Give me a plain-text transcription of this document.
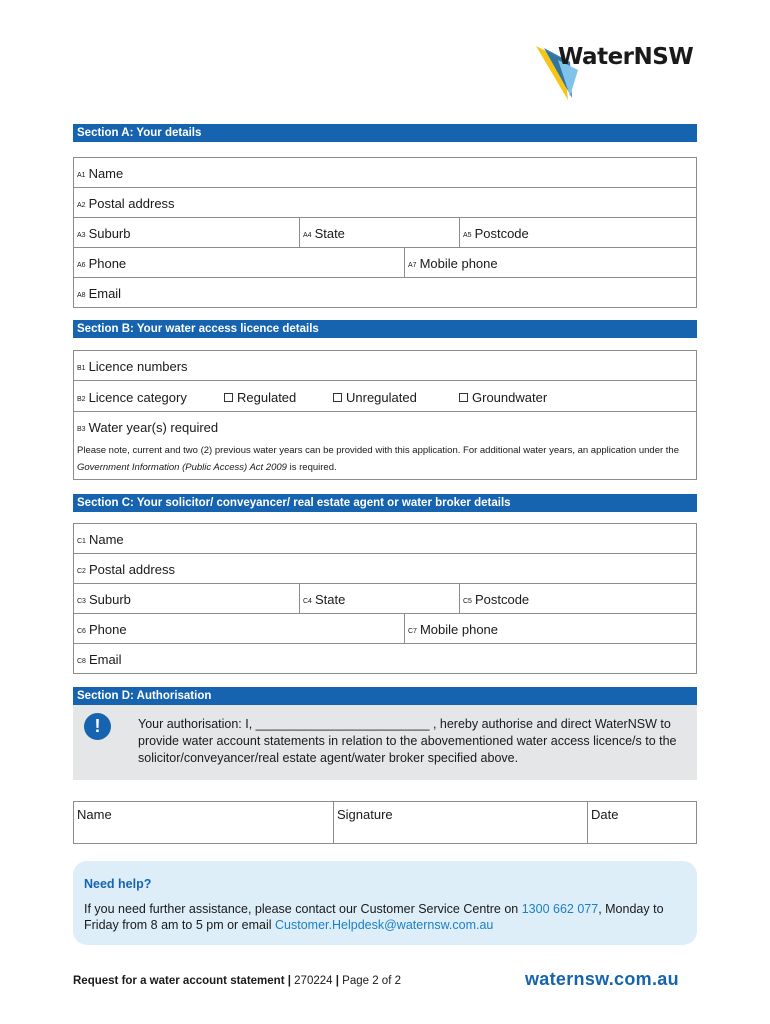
WaterNSW
Section A: Your details
A1 Name
A2 Postal address
A3 Suburb	A4 State	A5 Postcode
A6 Phone	A7 Mobile phone
A8 Email
Section B: Your water access licence details
B1 Licence numbers
B2 Licence category	Regulated	Unregulated	Groundwater
B3 Water year(s) required
Please note, current and two (2) previous water years can be provided with this application. For additional water years, an application under the Government Information (Public Access) Act 2009 is required.
Section C: Your solicitor/ conveyancer/ real estate agent or water broker details
C1 Name
C2 Postal address
C3 Suburb	C4 State	C5 Postcode
C6 Phone	C7 Mobile phone
C8 Email
Section D: Authorisation
!	Your authorisation: I, _________________________ , hereby authorise and direct WaterNSW to provide water account statements in relation to the abovementioned water access licence/s to the solicitor/conveyancer/real estate agent/water broker specified above.
Name	Signature	Date
Need help?
If you need further assistance, please contact our Customer Service Centre on 1300 662 077, Monday to Friday from 8 am to 5 pm or email Customer.Helpdesk@waternsw.com.au
Request for a water account statement | 270224 | Page 2 of 2	waternsw.com.au
